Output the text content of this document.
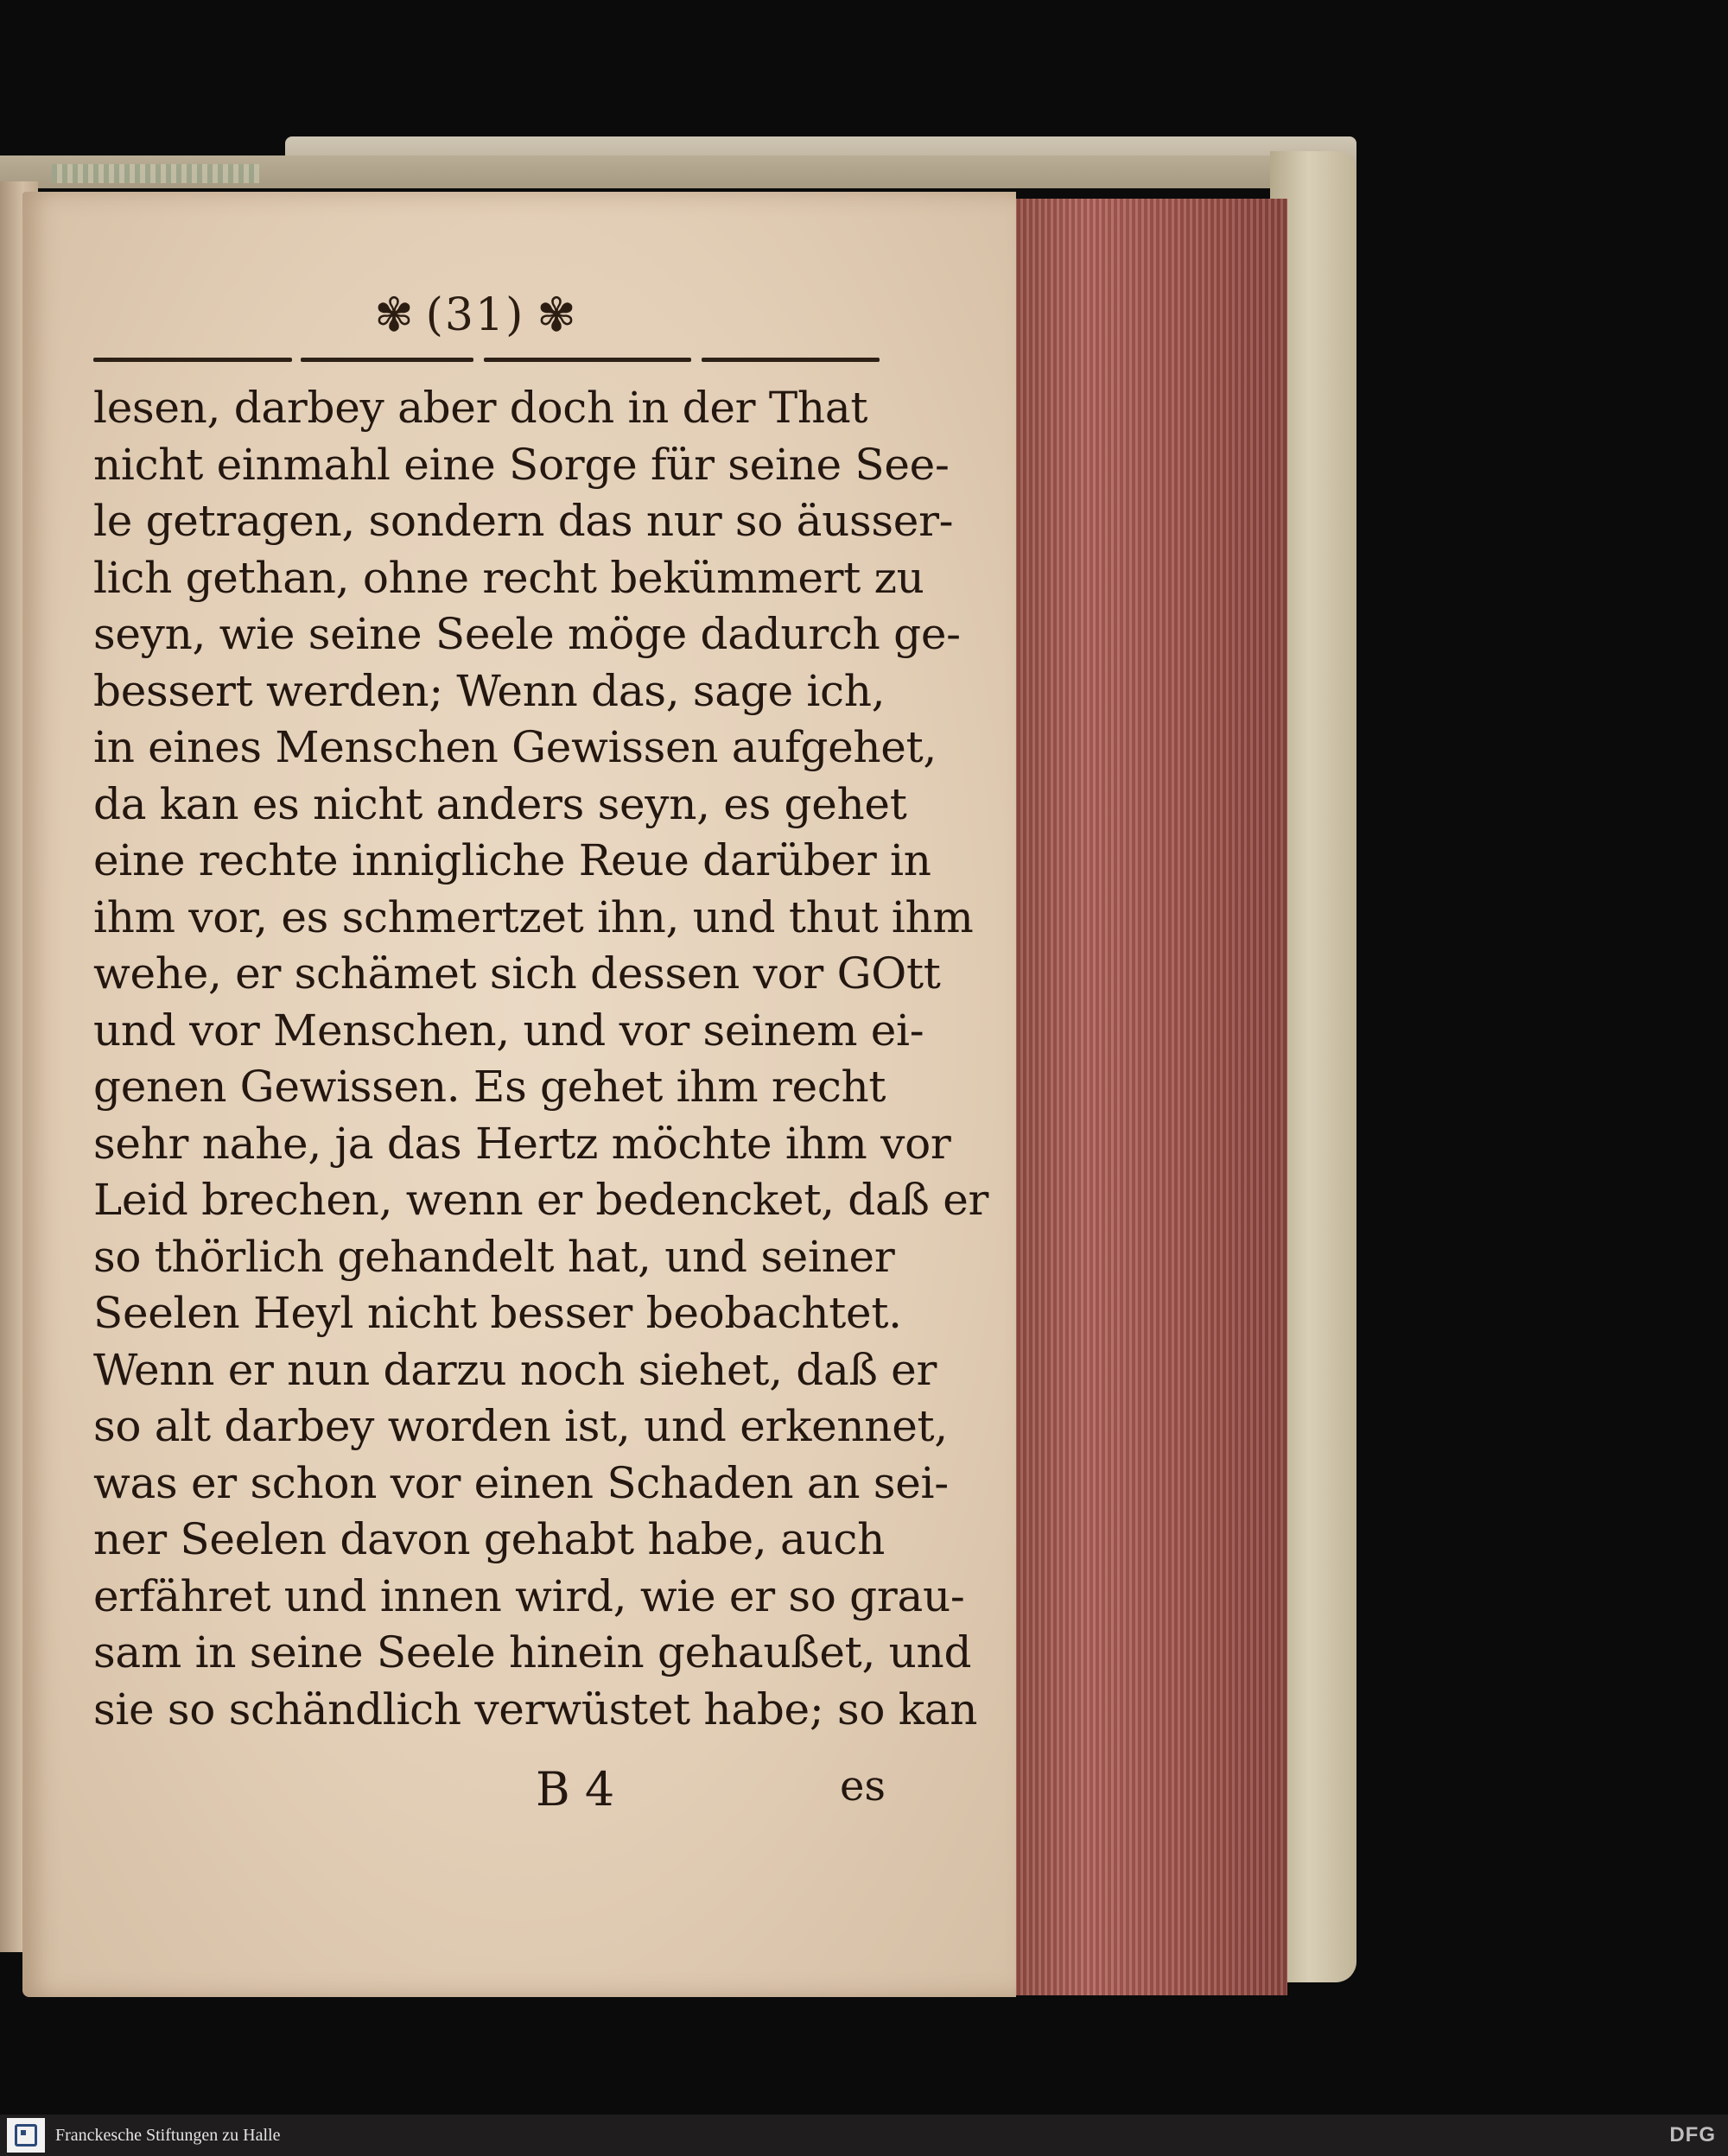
✾ (31) ✾
lesen, darbey aber doch in der That
nicht einmahl eine Sorge für seine See-
le getragen, sondern das nur so äusser-
lich gethan, ohne recht bekümmert zu
seyn, wie seine Seele möge dadurch ge-
bessert werden; Wenn das, sage ich,
in eines Menschen Gewissen aufgehet,
da kan es nicht anders seyn, es gehet
eine rechte innigliche Reue darüber in
ihm vor, es schmertzet ihn, und thut ihm
wehe, er schämet sich dessen vor GOtt
und vor Menschen, und vor seinem ei-
genen Gewissen. Es gehet ihm recht
sehr nahe, ja das Hertz möchte ihm vor
Leid brechen, wenn er bedencket, daß er
so thörlich gehandelt hat, und seiner
Seelen Heyl nicht besser beobachtet.
Wenn er nun darzu noch siehet, daß er
so alt darbey worden ist, und erkennet,
was er schon vor einen Schaden an sei-
ner Seelen davon gehabt habe, auch
erfähret und innen wird, wie er so grau-
sam in seine Seele hinein gehaußet, und
sie so schändlich verwüstet habe; so kan
B 4	es
Franckesche Stiftungen zu Halle	DFG
